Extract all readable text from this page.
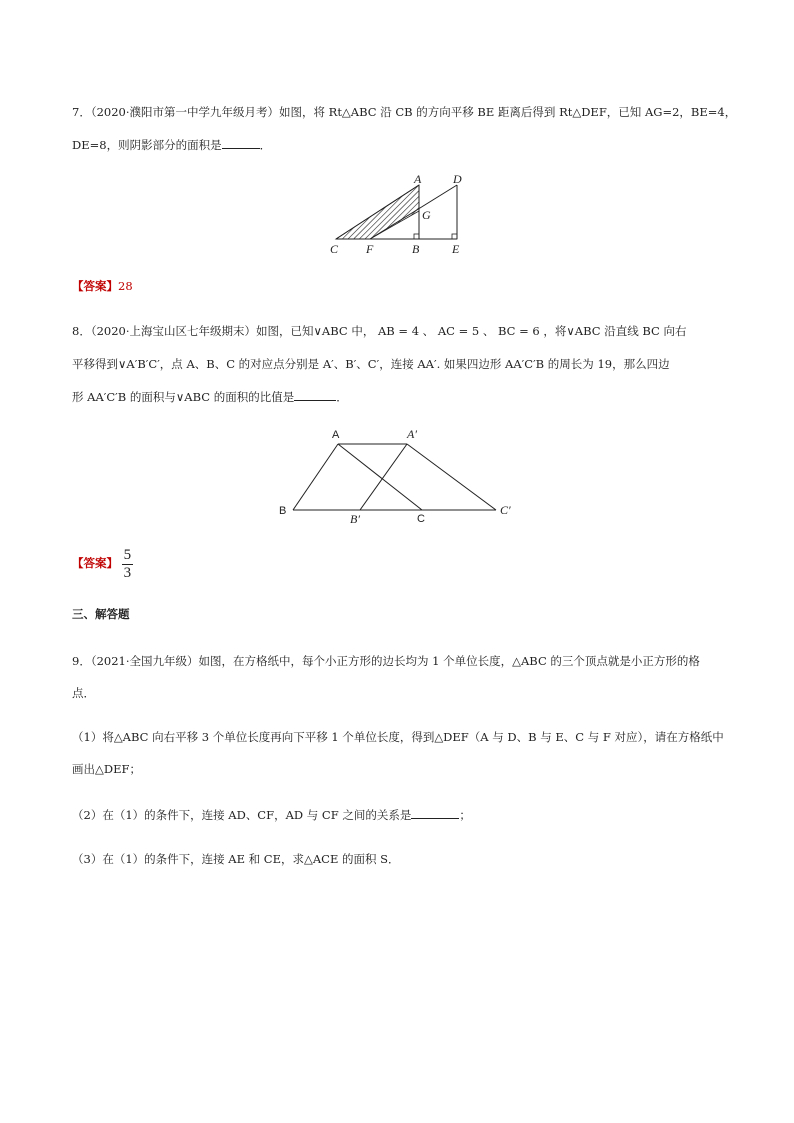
7．（2020·濮阳市第一中学九年级月考）如图，将 Rt△ABC 沿 CB 的方向平移 BE 距离后得到 Rt△DEF，已知 AG=2，BE=4，
DE=8，则阴影部分的面积是	．
A	D
G
C F	B	E
【答案】28
8．（2020·上海宝山区七年级期末）如图，已知∨ABC 中， AB = 4 、 AC = 5 、 BC = 6 ，将∨ABC 沿直线 BC 向右
平移得到∨A′B′C′，点 A、B、C 的对应点分别是 A′、B′、C′，连接 AA′. 如果四边形 AA′C′B 的周长为 19，那么四边
形 AA′C′B 的面积与∨ABC 的面积的比值是	．
A
B
C
A′
B′
C′
【答案】 $\frac{5}{3}$
三、解答题
9．（2021·全国九年级）如图，在方格纸中，每个小正方形的边长均为 1 个单位长度，△ABC 的三个顶点就是小正方形的格
点．
（1）将△ABC 向右平移 3 个单位长度再向下平移 1 个单位长度，得到△DEF（A 与 D、B 与 E、C 与 F 对应），请在方格纸中
画出△DEF；
（2）在（1）的条件下，连接 AD、CF，AD 与 CF 之间的关系是	；
（3）在（1）的条件下，连接 AE 和 CE，求△ACE 的面积 S．
